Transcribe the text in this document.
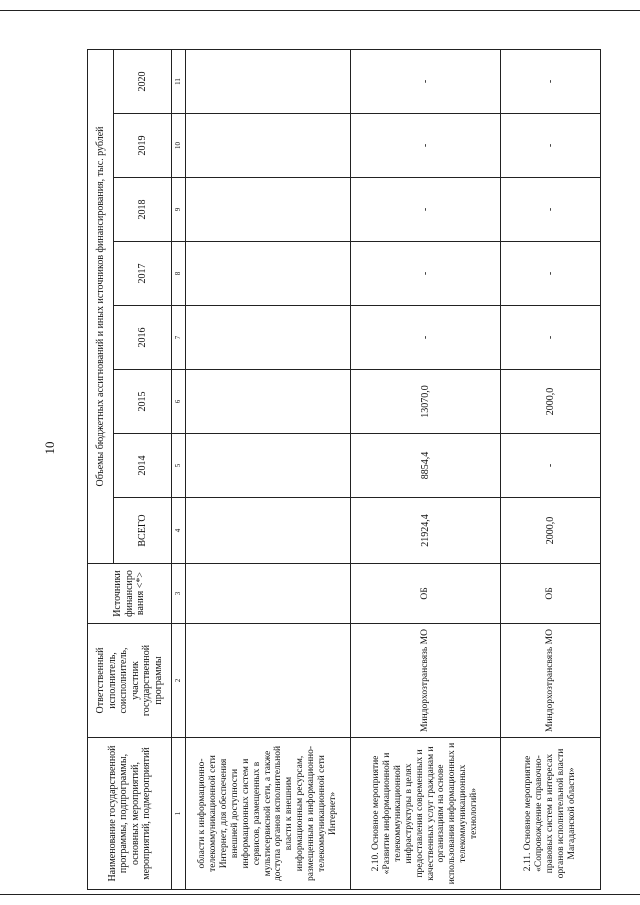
10
Наименование государственной программы, подпрограммы, основных мероприятий, мероприятий, подмероприятий	Ответственный исполнитель, соисполнитель, участник государственной программы	Источники финансиро вания <*>	Объемы бюджетных ассигнований и иных источников финансирования, тыс. рублей							
			ВСЕГО	2014	2015	2016	2017	2018	2019	2020
1	2	3	4	5	6	7	8	9	10	11
области к информационно-телекоммуникационной сети Интернет, для обеспечения внешней доступности информационных систем и сервисов, размещенных в мультисервисной сети, а также доступа органов исполнительной власти к внешним информационным ресурсам, размещенным в информационно-телекоммуникационной сети Интернет»										
2.10. Основное мероприятие «Развитие информационной и телекоммуникационной инфраструктуры в целях предоставления современных и качественных услуг гражданам и организациям на основе использования информационных и телекоммуникационных технологий»	Миндорхозтрансвязь МО	ОБ	21924,4	8854,4	13070,0	-	-	-	-	-
2.11. Основное мероприятие «Сопровождение справочно-правовых систем в интересах органов исполнительной власти Магаданской области»	Миндорхозтрансвязь МО	ОБ	2000,0	-	2000,0	-	-	-	-	-
